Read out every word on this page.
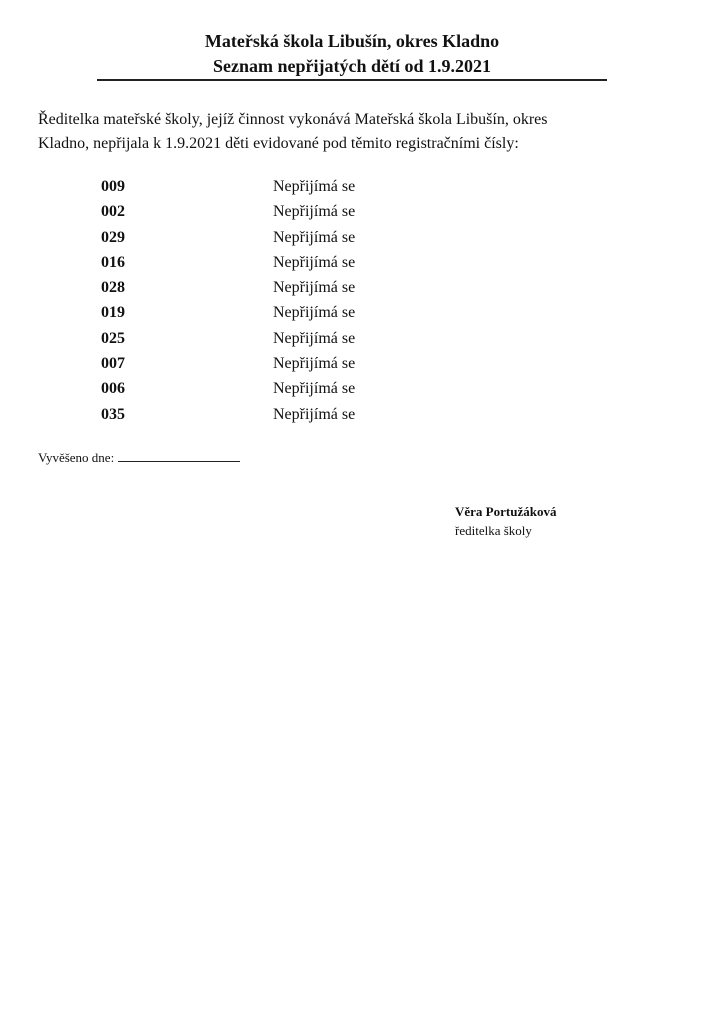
Mateřská škola Libušín, okres Kladno
Seznam nepřijatých dětí od 1.9.2021

Ředitelka mateřské školy, jejíž činnost vykonává Mateřská škola Libušín, okres
Kladno, nepřijala k 1.9.2021 děti evidované pod těmito registračními čísly:

009	Nepřijímá se
002	Nepřijímá se
029	Nepřijímá se
016	Nepřijímá se
028	Nepřijímá se
019	Nepřijímá se
025	Nepřijímá se
007	Nepřijímá se
006	Nepřijímá se
035	Nepřijímá se
Vyvěšeno dne:
Věra Portužáková
ředitelka školy
